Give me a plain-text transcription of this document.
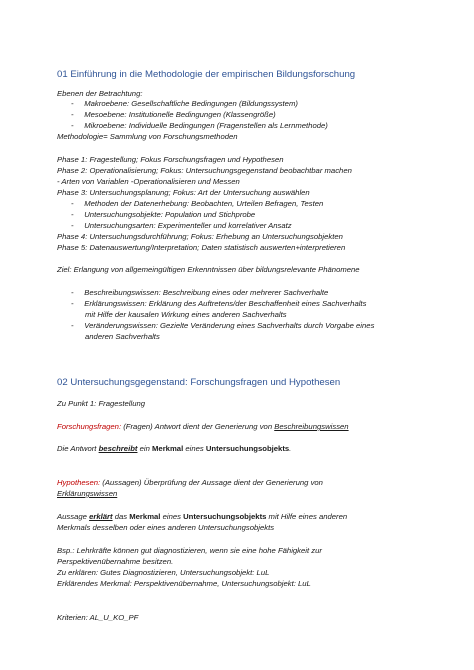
01 Einführung in die Methodologie der empirischen Bildungsforschung
Ebenen der Betrachtung:
-     Makroebene: Gesellschaftliche Bedingungen (Bildungssystem)
-     Mesoebene: Institutionelle Bedingungen (Klassengröße)
-     Mikroebene: Individuelle Bedingungen (Fragenstellen als Lernmethode)
Methodologie= Sammlung von Forschungsmethoden
Phase 1: Fragestellung; Fokus Forschungsfragen und Hypothesen
Phase 2: Operationalisierung; Fokus: Untersuchungsgegenstand beobachtbar machen
- Arten von Variablen -Operationalisieren und Messen
Phase 3: Untersuchungsplanung; Fokus: Art der Untersuchung auswählen
-     Methoden der Datenerhebung: Beobachten, Urteilen Befragen, Testen
-     Untersuchungsobjekte: Population und Stichprobe
-     Untersuchungsarten: Experimenteller und korrelativer Ansatz
Phase 4: Untersuchungsdurchführung; Fokus: Erhebung an Untersuchungsobjekten
Phase 5: Datenauswertung/Interpretation; Daten statistisch auswerten+interpretieren
Ziel: Erlangung von allgemeingültigen Erkenntnissen über bildungsrelevante Phänomene
-     Beschreibungswissen: Beschreibung eines oder mehrerer Sachverhalte
-     Erklärungswissen: Erklärung des Auftretens/der Beschaffenheit eines Sachverhalts
mit Hilfe der kausalen Wirkung eines anderen Sachverhalts
-     Veränderungswissen: Gezielte Veränderung eines Sachverhalts durch Vorgabe eines
anderen Sachverhalts
02 Untersuchungsgegenstand: Forschungsfragen und Hypothesen
Zu Punkt 1: Fragestellung
Forschungsfragen: (Fragen) Antwort dient der Generierung von Beschreibungswissen
Die Antwort beschreibt ein Merkmal eines Untersuchungsobjekts.
Hypothesen: (Aussagen) Überprüfung der Aussage dient der Generierung von
Erklärungswissen
Aussage erklärt das Merkmal eines Untersuchungsobjekts mit Hilfe eines anderen
Merkmals desselben oder eines anderen Untersuchungsobjekts
Bsp.: Lehrkräfte können gut diagnostizieren, wenn sie eine hohe Fähigkeit zur
Perspektivenübernahme besitzen.
Zu erklären: Gutes Diagnostizieren, Untersuchungsobjekt: LuL
Erklärendes Merkmal: Perspektivenübernahme, Untersuchungsobjekt: LuL
Kriterien: AL_U_KO_PF
